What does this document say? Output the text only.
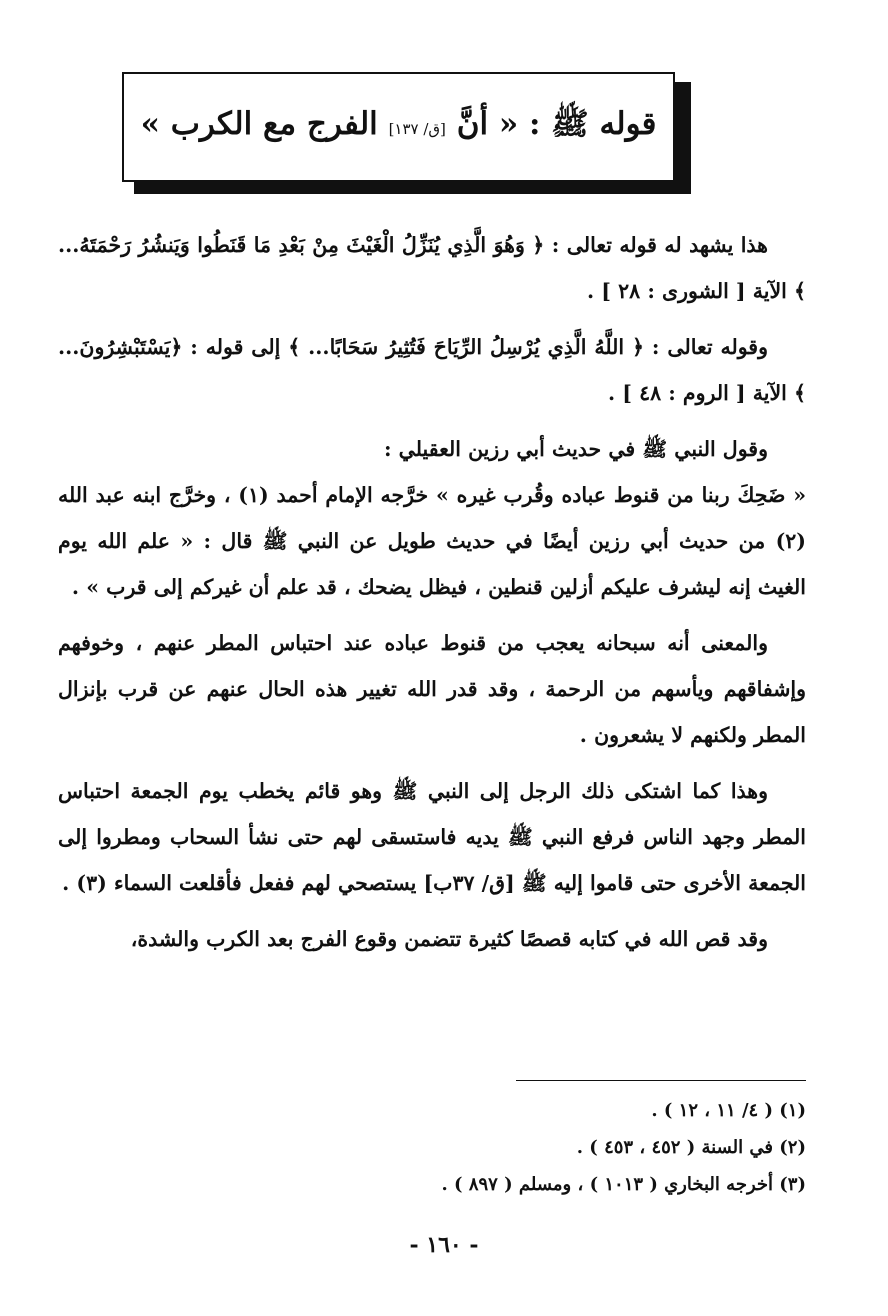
قوله ﷺ : « أنَّ [ق/ ١٣٧] الفرج مع الكرب »

هذا يشهد له قوله تعالى : ﴿ وَهُوَ الَّذِي يُنَزِّلُ الْغَيْثَ مِنْ بَعْدِ مَا قَنَطُوا وَيَنشُرُ رَحْمَتَهُ... ﴾ الآية [ الشورى : ٢٨ ] .

وقوله تعالى : ﴿ اللَّهُ الَّذِي يُرْسِلُ الرِّيَاحَ فَتُثِيرُ سَحَابًا... ﴾ إلى قوله : ﴿يَسْتَبْشِرُونَ... ﴾ الآية [ الروم : ٤٨ ] .

وقول النبي ﷺ في حديث أبي رزين العقيلي :

« ضَحِكَ ربنا من قنوط عباده وقُرب غيره » خرَّجه الإمام أحمد (١) ، وخرَّج ابنه عبد الله (٢) من حديث أبي رزين أيضًا في حديث طويل عن النبي ﷺ قال : « علم الله يوم الغيث إنه ليشرف عليكم أزلين قنطين ، فيظل يضحك ، قد علم أن غيركم إلى قرب » .

والمعنى أنه سبحانه يعجب من قنوط عباده عند احتباس المطر عنهم ، وخوفهم وإشفاقهم ويأسهم من الرحمة ، وقد قدر الله تغيير هذه الحال عنهم عن قرب بإنزال المطر ولكنهم لا يشعرون .

وهذا كما اشتكى ذلك الرجل إلى النبي ﷺ وهو قائم يخطب يوم الجمعة احتباس المطر وجهد الناس فرفع النبي ﷺ يديه فاستسقى لهم حتى نشأ السحاب ومطروا إلى الجمعة الأخرى حتى قاموا إليه ﷺ [ق/ ٣٧ب] يستصحي لهم ففعل فأقلعت السماء (٣) .

وقد قص الله في كتابه قصصًا كثيرة تتضمن وقوع الفرج بعد الكرب والشدة،

(١) ( ٤/ ١١ ، ١٢ ) .
(٢) في السنة ( ٤٥٢ ، ٤٥٣ ) .
(٣) أخرجه البخاري ( ١٠١٣ ) ، ومسلم ( ٨٩٧ ) .
- ١٦٠ -
